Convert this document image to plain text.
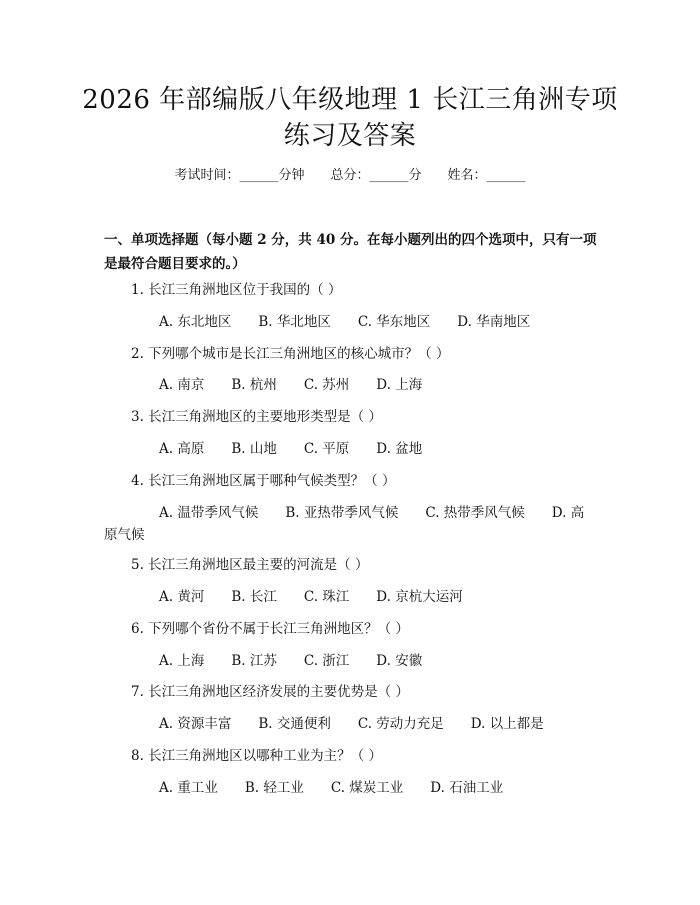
2026 年部编版八年级地理 1 长江三角洲专项
练习及答案
考试时间：______分钟 总分：______分 姓名：______
一、单项选择题（每小题 2 分，共 40 分。在每小题列出的四个选项中，只有一项
是最符合题目要求的。）
1. 长江三角洲地区位于我国的（ ）
A. 东北地区 B. 华北地区 C. 华东地区 D. 华南地区
2. 下列哪个城市是长江三角洲地区的核心城市？（ ）
A. 南京 B. 杭州 C. 苏州 D. 上海
3. 长江三角洲地区的主要地形类型是（ ）
A. 高原 B. 山地 C. 平原 D. 盆地
4. 长江三角洲地区属于哪种气候类型？（ ）
A. 温带季风气候 B. 亚热带季风气候 C. 热带季风气候 D. 高
原气候
5. 长江三角洲地区最主要的河流是（ ）
A. 黄河 B. 长江 C. 珠江 D. 京杭大运河
6. 下列哪个省份不属于长江三角洲地区？（ ）
A. 上海 B. 江苏 C. 浙江 D. 安徽
7. 长江三角洲地区经济发展的主要优势是（ ）
A. 资源丰富 B. 交通便利 C. 劳动力充足 D. 以上都是
8. 长江三角洲地区以哪种工业为主？（ ）
A. 重工业 B. 轻工业 C. 煤炭工业 D. 石油工业
